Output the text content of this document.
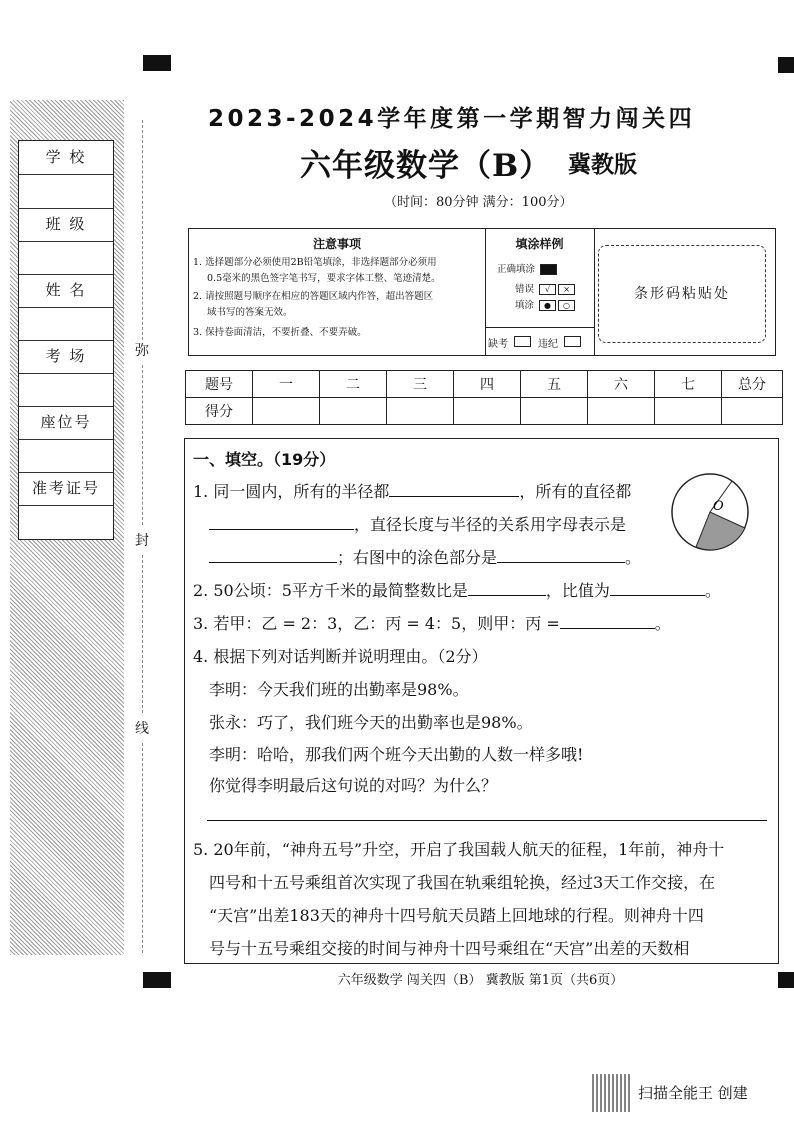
学 校
班 级
姓 名
考 场
座位号
准考证号
弥
封
线
2023-2024学年度第一学期智力闯关四
六年级数学（B） 冀教版
（时间：80分钟 满分：100分）
注意事项
1. 选择题部分必须使用2B铅笔填涂，非选择题部分必须用
0.5毫米的黑色签字笔书写，要求字体工整、笔迹清楚。
2. 请按照题号顺序在相应的答题区域内作答，超出答题区
域书写的答案无效。
3. 保持卷面清洁，不要折叠、不要弄破。
填涂样例
正确填涂
错误 √ ×
填涂 ● ○
缺考	违纪
条形码粘贴处
题号	一	二	三	四	五	六	七	总分
得分								
一、填空。（19分）
1. 同一圆内，所有的半径都	，所有的直径都
，直径长度与半径的关系用字母表示是
；右图中的涂色部分是	。
O
2. 50公顷：5平方千米的最简整数比是	，比值为	。
3. 若甲：乙 = 2：3，乙：丙 = 4：5，则甲：丙 =	。
4. 根据下列对话判断并说明理由。（2分）
李明：今天我们班的出勤率是98%。
张永：巧了，我们班今天的出勤率也是98%。
李明：哈哈，那我们两个班今天出勤的人数一样多哦!
你觉得李明最后这句说的对吗？为什么？
5. 20年前，“神舟五号”升空，开启了我国载人航天的征程，1年前，神舟十
四号和十五号乘组首次实现了我国在轨乘组轮换，经过3天工作交接，在
“天宫”出差183天的神舟十四号航天员踏上回地球的行程。则神舟十四
号与十五号乘组交接的时间与神舟十四号乘组在“天宫”出差的天数相
六年级数学 闯关四（B） 冀教版 第1页（共6页）
扫描全能王 创建
